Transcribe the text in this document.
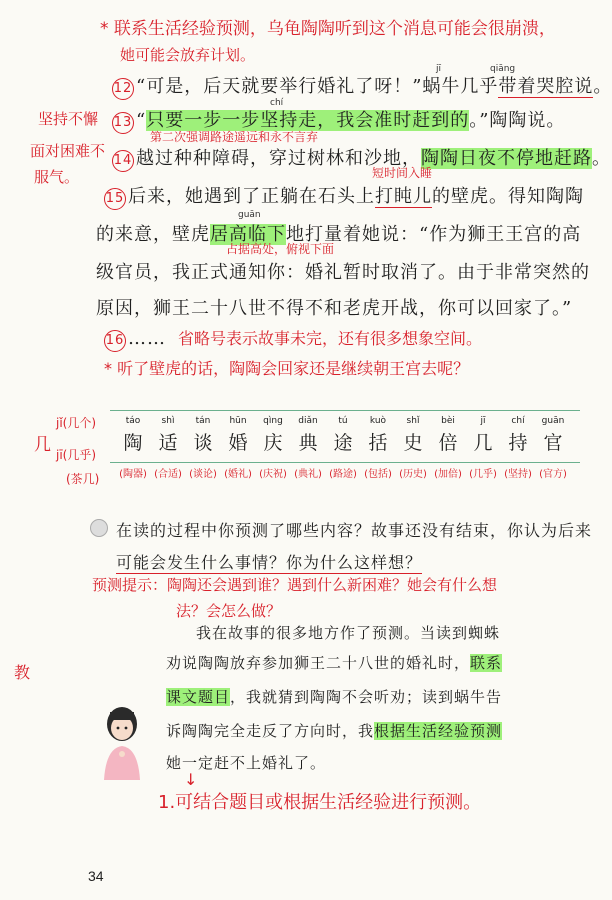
* 联系生活经验预测，乌龟陶陶听到这个消息可能会很崩溃，
她可能会放弃计划。
jī	qiāng
12 “可是，后天就要举行婚礼了呀！”蜗牛几乎带着哭腔说。
坚持不懈
面对困难不
服气。
chí
13 “只要一步一步坚持走，我会准时赶到的。”陶陶说。
第二次强调路途遥远和永不言弃
14 越过种种障碍，穿过树林和沙地，陶陶日夜不停地赶路。
短时间入睡
15 后来，她遇到了正躺在石头上打盹儿的壁虎。得知陶陶
guān
的来意，壁虎居高临下地打量着她说：“作为狮王王宫的高
占据高处，俯视下面
级官员，我正式通知你：婚礼暂时取消了。由于非常突然的
原因，狮王二十八世不得不和老虎开战，你可以回家了。”
16 …… 省略号表示故事未完，还有很多想象空间。
* 听了壁虎的话，陶陶会回家还是继续朝王宫去呢？
几
jǐ(几个)
jī(几乎)
(茶几)
táo
陶
(陶器)
shì
适
(合适)
tán
谈
(谈论)
hūn
婚
(婚礼)
qìng
庆
(庆祝)
diǎn
典
(典礼)
tú
途
(路途)
kuò
括
(包括)
shǐ
史
(历史)
bèi
倍
(加倍)
jī
几
(几乎)
chí
持
(坚持)
guān
官
(官方)
在读的过程中你预测了哪些内容？故事还没有结束，你认为后来
可能会发生什么事情？你为什么这样想？
预测提示：陶陶还会遇到谁？遇到什么新困难？她会有什么想
法？会怎么做？
教
我在故事的很多地方作了预测。当读到蜘蛛
劝说陶陶放弃参加狮王二十八世的婚礼时，联系
课文题目，我就猜到陶陶不会听劝；读到蜗牛告
诉陶陶完全走反了方向时，我根据生活经验预测
她一定赶不上婚礼了。
↓
1.可结合题目或根据生活经验进行预测。
34
